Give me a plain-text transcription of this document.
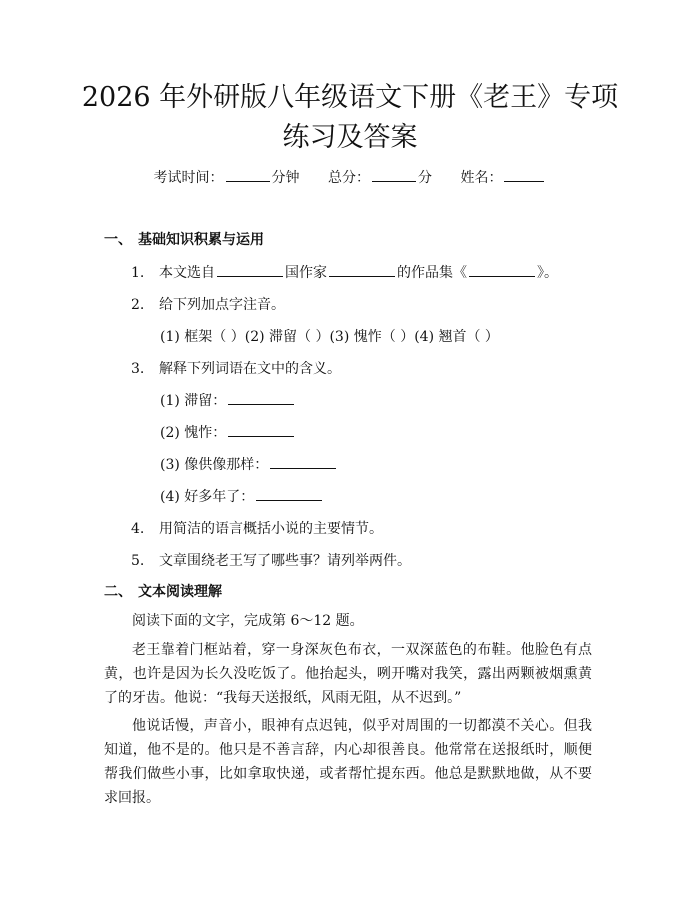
2026 年外研版八年级语文下册《老王》专项
练习及答案
考试时间：	分钟 总分：	分 姓名：
一、 基础知识积累与运用
1. 本文选自	国作家	的作品集《	》。
2. 给下列加点字注音。
(1) 框架（ ）(2) 滞留（ ）(3) 愧怍（ ）(4) 翘首（ ）
3. 解释下列词语在文中的含义。
(1) 滞留：
(2) 愧怍：
(3) 像供像那样：
(4) 好多年了：
4. 用简洁的语言概括小说的主要情节。
5. 文章围绕老王写了哪些事？请列举两件。
二、 文本阅读理解
阅读下面的文字，完成第 6～12 题。
老王靠着门框站着，穿一身深灰色布衣，一双深蓝色的布鞋。他脸色有点黄，也许是因为长久没吃饭了。他抬起头，咧开嘴对我笑，露出两颗被烟熏黄了的牙齿。他说：“我每天送报纸，风雨无阻，从不迟到。”
他说话慢，声音小，眼神有点迟钝，似乎对周围的一切都漠不关心。但我知道，他不是的。他只是不善言辞，内心却很善良。他常常在送报纸时，顺便帮我们做些小事，比如拿取快递，或者帮忙提东西。他总是默默地做，从不要求回报。
